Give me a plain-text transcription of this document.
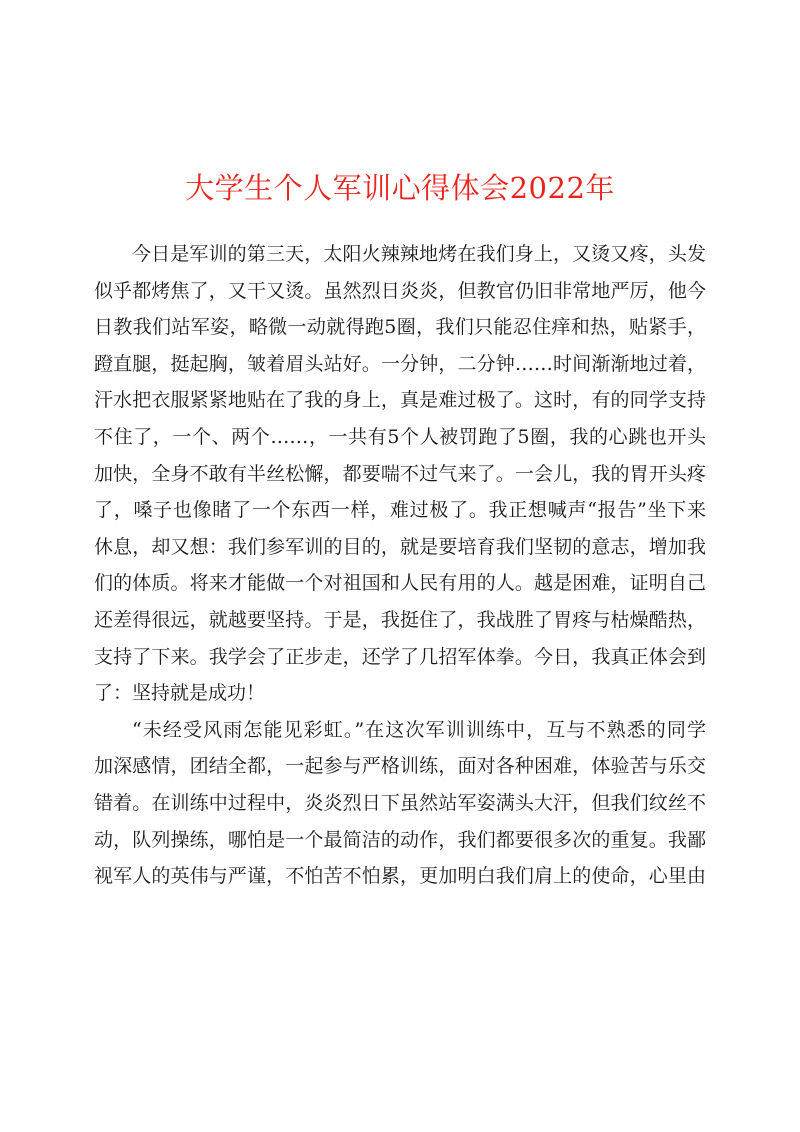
大学生个人军训心得体会2022年
今日是军训的第三天，太阳火辣辣地烤在我们身上，又烫又疼，头发
似乎都烤焦了，又干又烫。虽然烈日炎炎，但教官仍旧非常地严厉，他今
日教我们站军姿，略微一动就得跑5圈，我们只能忍住痒和热，贴紧手，
蹬直腿，挺起胸，皱着眉头站好。一分钟，二分钟……时间渐渐地过着，
汗水把衣服紧紧地贴在了我的身上，真是难过极了。这时，有的同学支持
不住了，一个、两个……，一共有5个人被罚跑了5圈，我的心跳也开头
加快，全身不敢有半丝松懈，都要喘不过气来了。一会儿，我的胃开头疼
了，嗓子也像睹了一个东西一样，难过极了。我正想喊声“报告”坐下来
休息，却又想：我们参军训的目的，就是要培育我们坚韧的意志，增加我
们的体质。将来才能做一个对祖国和人民有用的人。越是困难，证明自己
还差得很远，就越要坚持。于是，我挺住了，我战胜了胃疼与枯燥酷热，
支持了下来。我学会了正步走，还学了几招军体拳。今日，我真正体会到
了：坚持就是成功！
“未经受风雨怎能见彩虹。”在这次军训训练中，互与不熟悉的同学
加深感情，团结全都，一起参与严格训练，面对各种困难，体验苦与乐交
错着。在训练中过程中，炎炎烈日下虽然站军姿满头大汗，但我们纹丝不
动，队列操练，哪怕是一个最简洁的动作，我们都要很多次的重复。我鄙
视军人的英伟与严谨，不怕苦不怕累，更加明白我们肩上的使命，心里由
